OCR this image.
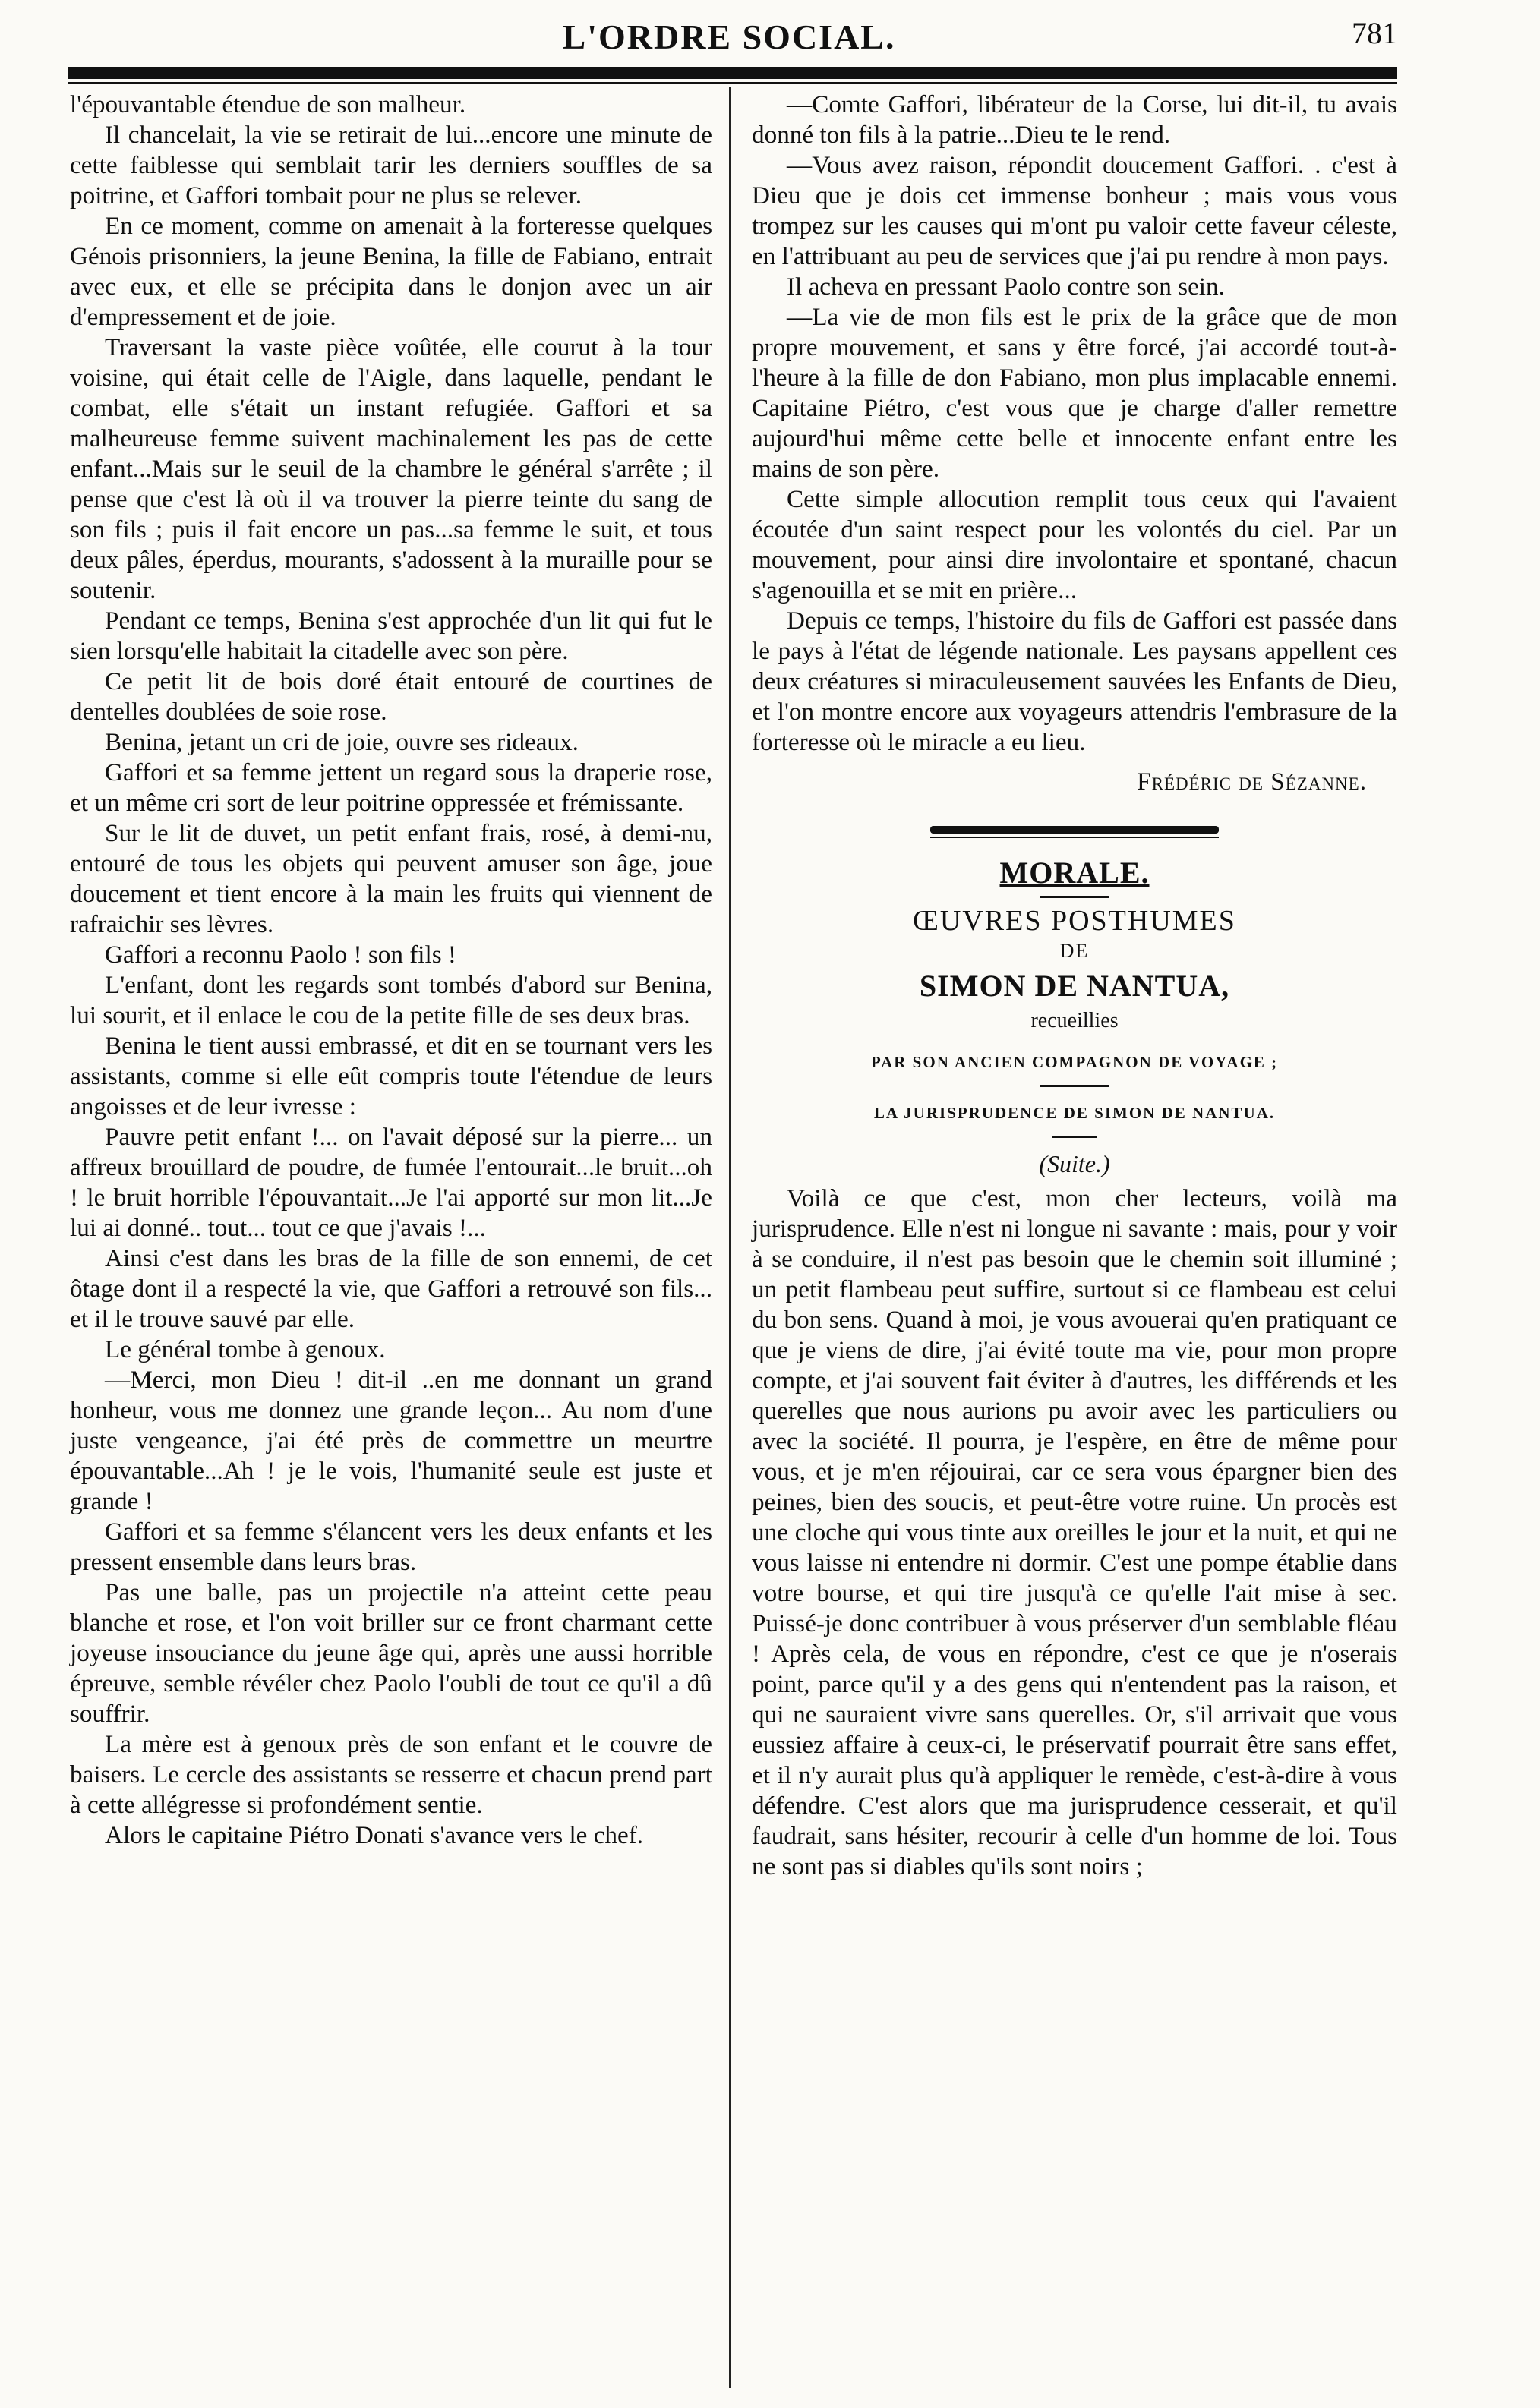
L'ORDRE SOCIAL.	781

l'épouvantable étendue de son malheur.

Il chancelait, la vie se retirait de lui...encore une minute de cette faiblesse qui semblait tarir les derniers souffles de sa poitrine, et Gaffori tombait pour ne plus se relever.

En ce moment, comme on amenait à la forteresse quelques Génois prisonniers, la jeune Benina, la fille de Fabiano, entrait avec eux, et elle se précipita dans le donjon avec un air d'empressement et de joie.

Traversant la vaste pièce voûtée, elle courut à la tour voisine, qui était celle de l'Aigle, dans laquelle, pendant le combat, elle s'était un instant refugiée. Gaffori et sa malheureuse femme suivent machinalement les pas de cette enfant...Mais sur le seuil de la chambre le général s'arrête ; il pense que c'est là où il va trouver la pierre teinte du sang de son fils ; puis il fait encore un pas...sa femme le suit, et tous deux pâles, éperdus, mourants, s'adossent à la muraille pour se soutenir.

Pendant ce temps, Benina s'est approchée d'un lit qui fut le sien lorsqu'elle habitait la citadelle avec son père.

Ce petit lit de bois doré était entouré de courtines de dentelles doublées de soie rose.

Benina, jetant un cri de joie, ouvre ses rideaux.

Gaffori et sa femme jettent un regard sous la draperie rose, et un même cri sort de leur poitrine oppressée et frémissante.

Sur le lit de duvet, un petit enfant frais, rosé, à demi-nu, entouré de tous les objets qui peuvent amuser son âge, joue doucement et tient encore à la main les fruits qui viennent de rafraichir ses lèvres.

Gaffori a reconnu Paolo ! son fils !

L'enfant, dont les regards sont tombés d'abord sur Benina, lui sourit, et il enlace le cou de la petite fille de ses deux bras.

Benina le tient aussi embrassé, et dit en se tournant vers les assistants, comme si elle eût compris toute l'étendue de leurs angoisses et de leur ivresse :

Pauvre petit enfant !... on l'avait déposé sur la pierre... un affreux brouillard de poudre, de fumée l'entourait...le bruit...oh ! le bruit horrible l'épouvantait...Je l'ai apporté sur mon lit...Je lui ai donné.. tout... tout ce que j'avais !...

Ainsi c'est dans les bras de la fille de son ennemi, de cet ôtage dont il a respecté la vie, que Gaffori a retrouvé son fils... et il le trouve sauvé par elle.

Le général tombe à genoux.

—Merci, mon Dieu ! dit-il ..en me donnant un grand honheur, vous me donnez une grande leçon... Au nom d'une juste vengeance, j'ai été près de commettre un meurtre épouvantable...Ah ! je le vois, l'humanité seule est juste et grande !

Gaffori et sa femme s'élancent vers les deux enfants et les pressent ensemble dans leurs bras.

Pas une balle, pas un projectile n'a atteint cette peau blanche et rose, et l'on voit briller sur ce front charmant cette joyeuse insouciance du jeune âge qui, après une aussi horrible épreuve, semble révéler chez Paolo l'oubli de tout ce qu'il a dû souffrir.

La mère est à genoux près de son enfant et le couvre de baisers. Le cercle des assistants se resserre et chacun prend part à cette allégresse si profondément sentie.

Alors le capitaine Piétro Donati s'avance vers le chef.

—Comte Gaffori, libérateur de la Corse, lui dit-il, tu avais donné ton fils à la patrie...Dieu te le rend.

—Vous avez raison, répondit doucement Gaffori. . c'est à Dieu que je dois cet immense bonheur ; mais vous vous trompez sur les causes qui m'ont pu valoir cette faveur céleste, en l'attribuant au peu de services que j'ai pu rendre à mon pays.

Il acheva en pressant Paolo contre son sein.

—La vie de mon fils est le prix de la grâce que de mon propre mouvement, et sans y être forcé, j'ai accordé tout-à-l'heure à la fille de don Fabiano, mon plus implacable ennemi. Capitaine Piétro, c'est vous que je charge d'aller remettre aujourd'hui même cette belle et innocente enfant entre les mains de son père.

Cette simple allocution remplit tous ceux qui l'avaient écoutée d'un saint respect pour les volontés du ciel. Par un mouvement, pour ainsi dire involontaire et spontané, chacun s'agenouilla et se mit en prière...

Depuis ce temps, l'histoire du fils de Gaffori est passée dans le pays à l'état de légende nationale. Les paysans appellent ces deux créatures si miraculeusement sauvées les Enfants de Dieu, et l'on montre encore aux voyageurs attendris l'embrasure de la forteresse où le miracle a eu lieu.

Frédéric de Sézanne.
MORALE.
ŒUVRES POSTHUMES
DE
SIMON DE NANTUA,
recueillies
PAR SON ANCIEN COMPAGNON DE VOYAGE ;
LA JURISPRUDENCE DE SIMON DE NANTUA.
(Suite.)

Voilà ce que c'est, mon cher lecteurs, voilà ma jurisprudence. Elle n'est ni longue ni savante : mais, pour y voir à se conduire, il n'est pas besoin que le chemin soit illuminé ; un petit flambeau peut suffire, surtout si ce flambeau est celui du bon sens. Quand à moi, je vous avouerai qu'en pratiquant ce que je viens de dire, j'ai évité toute ma vie, pour mon propre compte, et j'ai souvent fait éviter à d'autres, les différends et les querelles que nous aurions pu avoir avec les particuliers ou avec la société. Il pourra, je l'espère, en être de même pour vous, et je m'en réjouirai, car ce sera vous épargner bien des peines, bien des soucis, et peut-être votre ruine. Un procès est une cloche qui vous tinte aux oreilles le jour et la nuit, et qui ne vous laisse ni entendre ni dormir. C'est une pompe établie dans votre bourse, et qui tire jusqu'à ce qu'elle l'ait mise à sec. Puissé-je donc contribuer à vous préserver d'un semblable fléau ! Après cela, de vous en répondre, c'est ce que je n'oserais point, parce qu'il y a des gens qui n'entendent pas la raison, et qui ne sauraient vivre sans querelles. Or, s'il arrivait que vous eussiez affaire à ceux-ci, le préservatif pourrait être sans effet, et il n'y aurait plus qu'à appliquer le remède, c'est-à-dire à vous défendre. C'est alors que ma jurisprudence cesserait, et qu'il faudrait, sans hésiter, recourir à celle d'un homme de loi. Tous ne sont pas si diables qu'ils sont noirs ;
